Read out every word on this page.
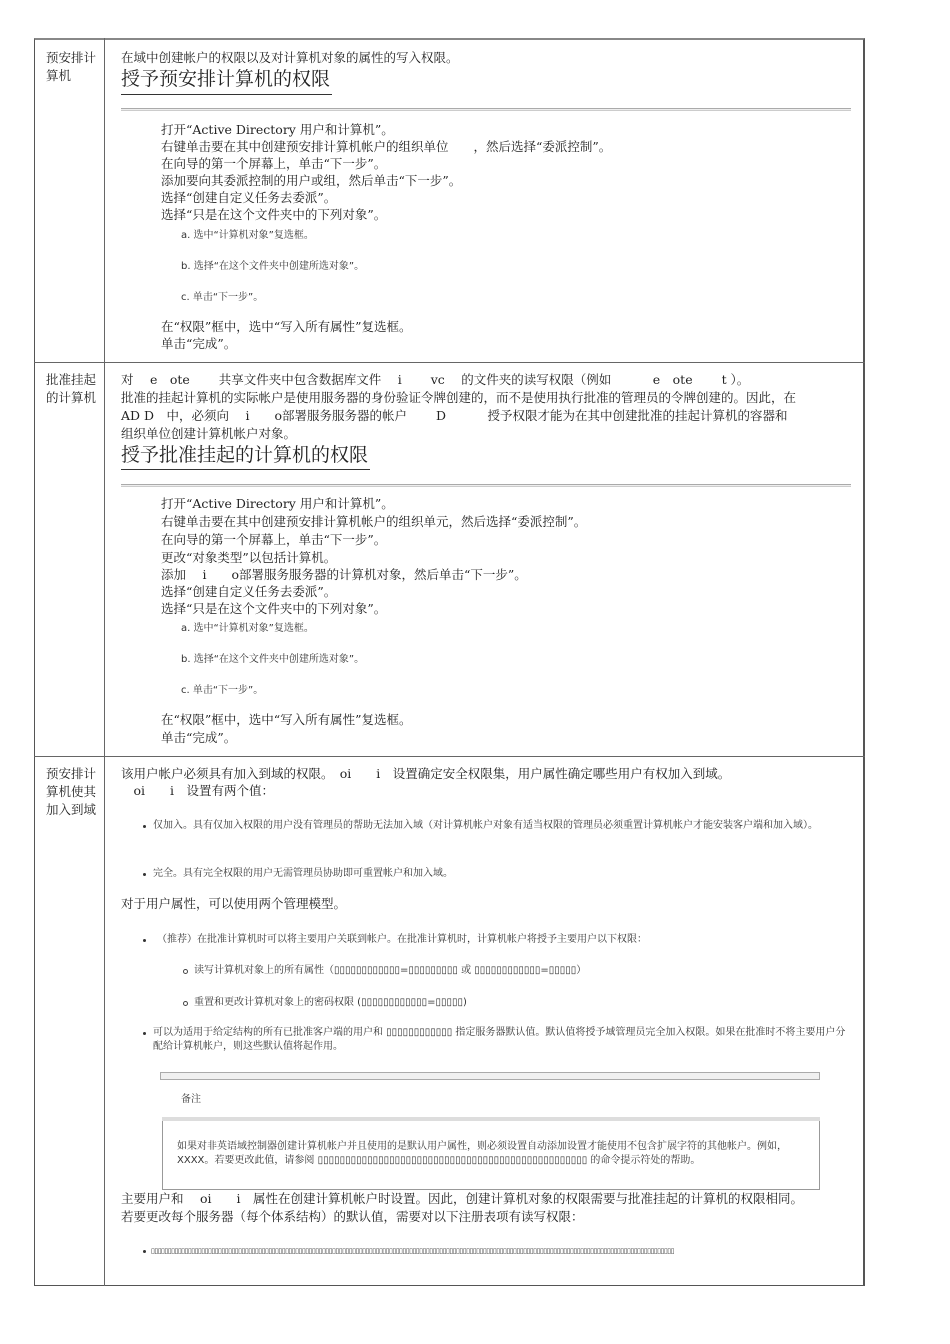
预安排计算机
在域中创建帐户的权限以及对计算机对象的属性的写入权限。
授予预安排计算机的权限
打开“Active Directory 用户和计算机”。
右键单击要在其中创建预安排计算机帐户的组织单位　　，然后选择“委派控制”。
在向导的第一个屏幕上，单击“下一步”。
添加要向其委派控制的用户或组，然后单击“下一步”。
选择“创建自定义任务去委派”。
选择“只是在这个文件夹中的下列对象”。
a. 选中“计算机对象”复选框。
b. 选择“在这个文件夹中创建所选对象”。
c. 单击“下一步”。
在“权限”框中，选中“写入所有属性”复选框。
单击“完成”。
批准挂起的计算机
对　 e　ote　　 共享文件夹中包含数据库文件　 i　　 vc　 的文件夹的读写权限（例如　　　 e　ote　　 t ）。
批准的挂起计算机的实际帐户是使用服务器的身份验证令牌创建的，而不是使用执行批准的管理员的令牌创建的。因此，在
AD D　中，必须向　 i　　o部署服务服务器的帐户　　 D　　　 授予权限才能为在其中创建批准的挂起计算机的容器和
组织单位创建计算机帐户对象。
授予批准挂起的计算机的权限
打开“Active Directory 用户和计算机”。
右键单击要在其中创建预安排计算机帐户的组织单元，然后选择“委派控制”。
在向导的第一个屏幕上，单击“下一步”。
更改“对象类型”以包括计算机。
添加　 i　　o部署服务服务器的计算机对象，然后单击“下一步”。
选择“创建自定义任务去委派”。
选择“只是在这个文件夹中的下列对象”。
a. 选中“计算机对象”复选框。
b. 选择“在这个文件夹中创建所选对象”。
c. 单击“下一步”。
在“权限”框中，选中“写入所有属性”复选框。
单击“完成”。
预安排计算机使其加入到域
该用户帐户必须具有加入到域的权限。　oi　　i　设置确定安全权限集，用户属性确定哪些用户有权加入到域。
　oi　　i　设置有两个值：
仅加入。具有仅加入权限的用户没有管理员的帮助无法加入域（对计算机帐户对象有适当权限的管理员必须重置计算机帐户才能安装客户端和加入域）。
完全。具有完全权限的用户无需管理员协助即可重置帐户和加入域。
对于用户属性，可以使用两个管理模型。
（推荐）在批准计算机时可以将主要用户关联到帐户。在批准计算机时，计算机帐户将授予主要用户以下权限：
读写计算机对象上的所有属性（▯▯▯▯▯▯▯▯▯▯▯▯=▯▯▯▯▯▯▯▯▯ 或 ▯▯▯▯▯▯▯▯▯▯▯▯=▯▯▯▯▯）
重置和更改计算机对象上的密码权限 (▯▯▯▯▯▯▯▯▯▯▯▯=▯▯▯▯▯)
可以为适用于给定结构的所有已批准客户端的用户和 ▯▯▯▯▯▯▯▯▯▯▯▯ 指定服务器默认值。默认值将授予域管理员完全加入权限。如果在批准时不将主要用户分配给计算机帐户，则这些默认值将起作用。
备注
如果对非英语域控制器创建计算机帐户并且使用的是默认用户属性，则必须设置自动添加设置才能使用不包含扩展字符的其他帐户。例如，XXXX。若要更改此值，请参阅 ▯▯▯▯▯▯▯▯▯▯▯▯▯▯▯▯▯▯▯▯▯▯▯▯▯▯▯▯▯▯▯▯▯▯▯▯▯▯▯▯▯▯▯▯▯▯▯▯▯ 的命令提示符处的帮助。
主要用户和　 oi　　i　属性在创建计算机帐户时设置。因此，创建计算机对象的权限需要与批准挂起的计算机的权限相同。
若要更改每个服务器（每个体系结构）的默认值，需要对以下注册表项有读写权限：
▯▯▯▯▯▯▯▯▯▯▯▯▯▯▯▯▯▯▯▯▯▯▯▯▯▯▯▯▯▯▯▯▯▯▯▯▯▯▯▯▯▯▯▯▯▯▯▯▯▯▯▯▯▯▯▯▯▯▯▯▯▯▯▯▯▯▯▯▯▯▯▯▯▯▯▯▯▯▯▯▯▯▯▯▯▯▯▯▯▯▯▯▯▯▯▯▯▯▯▯▯▯▯▯▯▯▯▯▯▯▯▯▯▯▯▯▯▯▯▯▯▯▯▯▯▯▯▯▯▯▯▯▯▯▯▯▯▯▯▯▯▯▯▯▯▯▯▯▯▯▯▯▯▯▯▯
